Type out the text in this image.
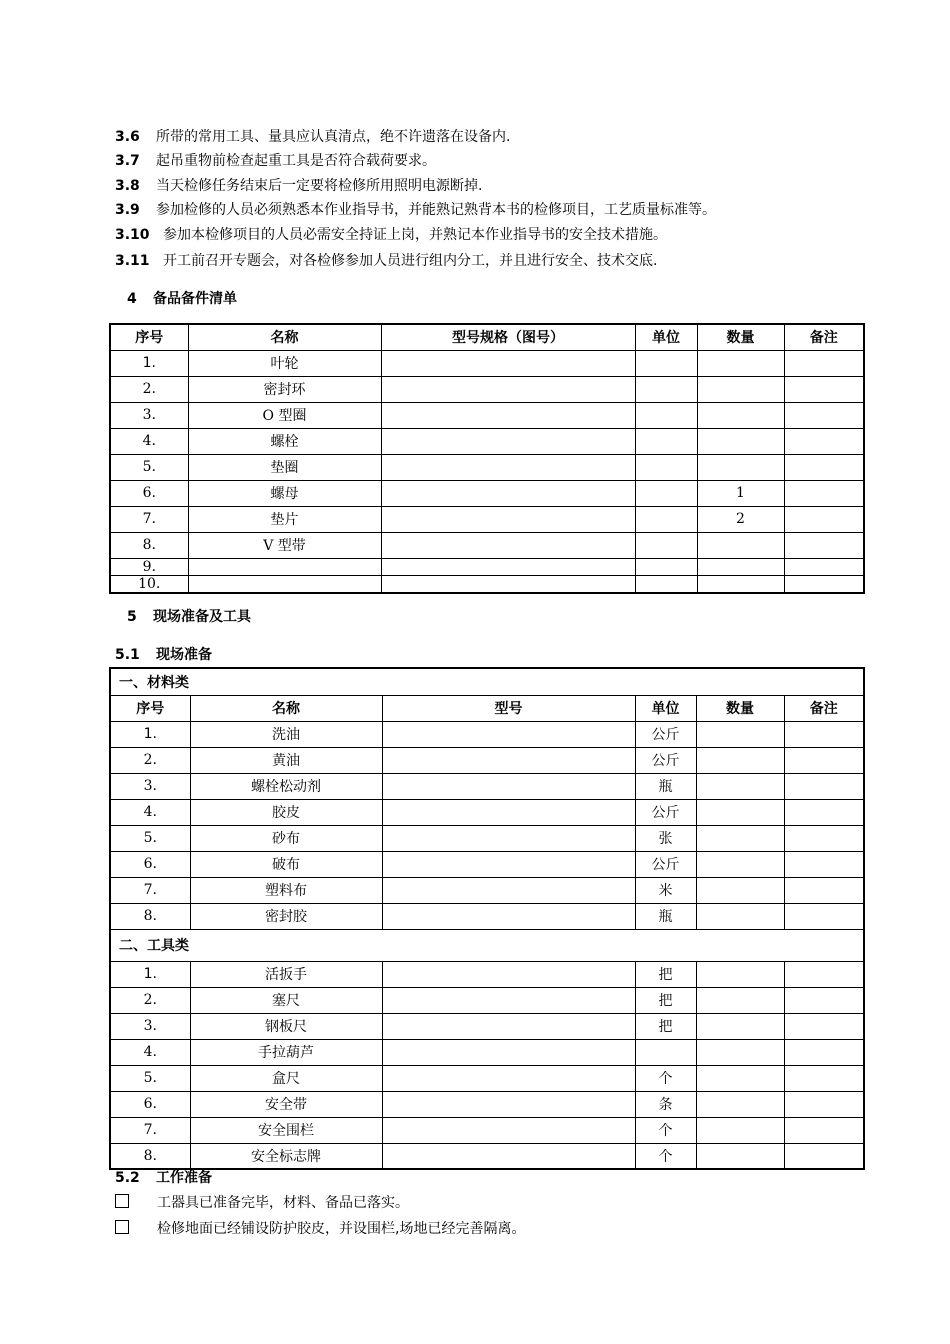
3.6 所带的常用工具、量具应认真清点，绝不许遗落在设备内.
3.7 起吊重物前检查起重工具是否符合载荷要求。
3.8 当天检修任务结束后一定要将检修所用照明电源断掉.
3.9 参加检修的人员必须熟悉本作业指导书，并能熟记熟背本书的检修项目，工艺质量标准等。
3.10 参加本检修项目的人员必需安全持证上岗，并熟记本作业指导书的安全技术措施。
3.11 开工前召开专题会，对各检修参加人员进行组内分工，并且进行安全、技术交底.
4 备品备件清单
序号	名称	型号规格（图号）	单位	数量	备注
1.	叶轮				
2.	密封环				
3.	O 型圈				
4.	螺栓				
5.	垫圈				
6.	螺母			1	
7.	垫片			2	
8.	V 型带				
9.					
10.					
5 现场准备及工具
5.1 现场准备
一、材料类					
序号	名称	型号	单位	数量	备注
1.	洗油		公斤		
2.	黄油		公斤		
3.	螺栓松动剂		瓶		
4.	胶皮		公斤		
5.	砂布		张		
6.	破布		公斤		
7.	塑料布		米		
8.	密封胶		瓶		
二、工具类					
1.	活扳手		把		
2.	塞尺		把		
3.	钢板尺		把		
4.	手拉葫芦				
5.	盒尺		个		
6.	安全带		条		
7.	安全围栏		个		
8.	安全标志牌		个		
5.2 工作准备
工器具已准备完毕，材料、备品已落实。
检修地面已经铺设防护胶皮，并设围栏,场地已经完善隔离。
